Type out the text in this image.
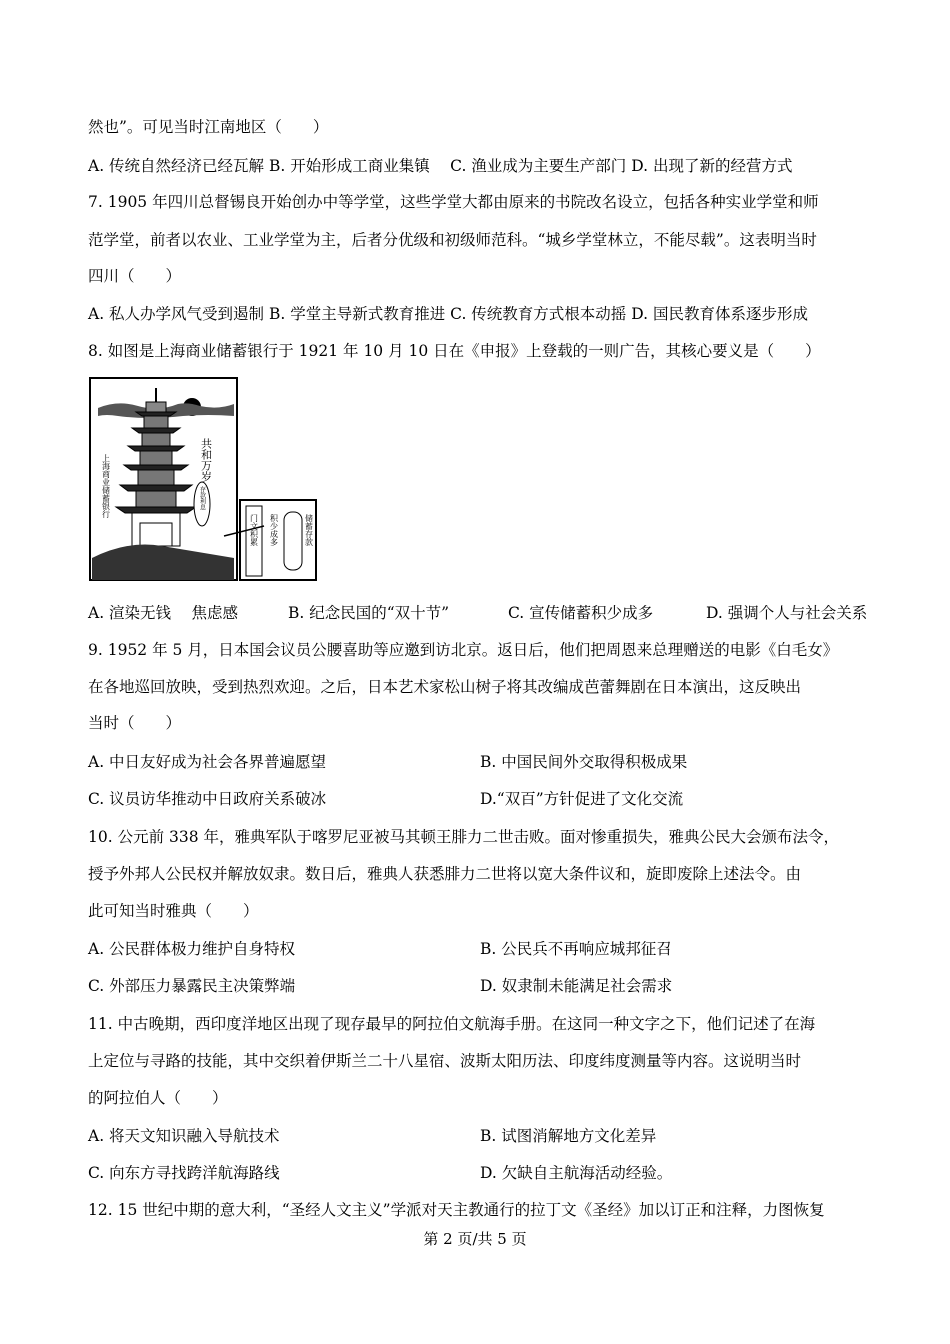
然也”。可见当时江南地区（　　）
A. 传统自然经济已经瓦解 B. 开始形成工商业集镇　 C. 渔业成为主要生产部门 D. 出现了新的经营方式
7. 1905 年四川总督锡良开始创办中等学堂，这些学堂大都由原来的书院改名设立，包括各种实业学堂和师
范学堂，前者以农业、工业学堂为主，后者分优级和初级师范科。“城乡学堂林立，不能尽载”。这表明当时
四川（　　）
A. 私人办学风气受到遏制 B. 学堂主导新式教育推进 C. 传统教育方式根本动摇 D. 国民教育体系逐步形成
8. 如图是上海商业储蓄银行于 1921 年 10 月 10 日在《申报》上登载的一则广告，其核心要义是（　　）
共和万岁
上海商业储蓄银行	存款利息
门文积累 积少成多	储蓄存款
A. 渲染无钱　 焦虑感	B. 纪念民国的“双十节”	C. 宣传储蓄积少成多	D. 强调个人与社会关系
9. 1952 年 5 月，日本国会议员公腰喜助等应邀到访北京。返日后，他们把周恩来总理赠送的电影《白毛女》
在各地巡回放映，受到热烈欢迎。之后，日本艺术家松山树子将其改编成芭蕾舞剧在日本演出，这反映出
当时（　　）
A. 中日友好成为社会各界普遍愿望	B. 中国民间外交取得积极成果
C. 议员访华推动中日政府关系破冰	D.“双百”方针促进了文化交流
10. 公元前 338 年，雅典军队于喀罗尼亚被马其顿王腓力二世击败。面对惨重损失，雅典公民大会颁布法令，
授予外邦人公民权并解放奴隶。数日后，雅典人获悉腓力二世将以宽大条件议和，旋即废除上述法令。由
此可知当时雅典（　　）
A. 公民群体极力维护自身特权	B. 公民兵不再响应城邦征召
C. 外部压力暴露民主决策弊端	D. 奴隶制未能满足社会需求
11. 中古晚期，西印度洋地区出现了现存最早的阿拉伯文航海手册。在这同一种文字之下，他们记述了在海
上定位与寻路的技能，其中交织着伊斯兰二十八星宿、波斯太阳历法、印度纬度测量等内容。这说明当时
的阿拉伯人（　　）
A. 将天文知识融入导航技术	B. 试图消解地方文化差异
C. 向东方寻找跨洋航海路线	D. 欠缺自主航海活动经验。
12. 15 世纪中期的意大利，“圣经人文主义”学派对天主教通行的拉丁文《圣经》加以订正和注释，力图恢复
第 2 页/共 5 页
